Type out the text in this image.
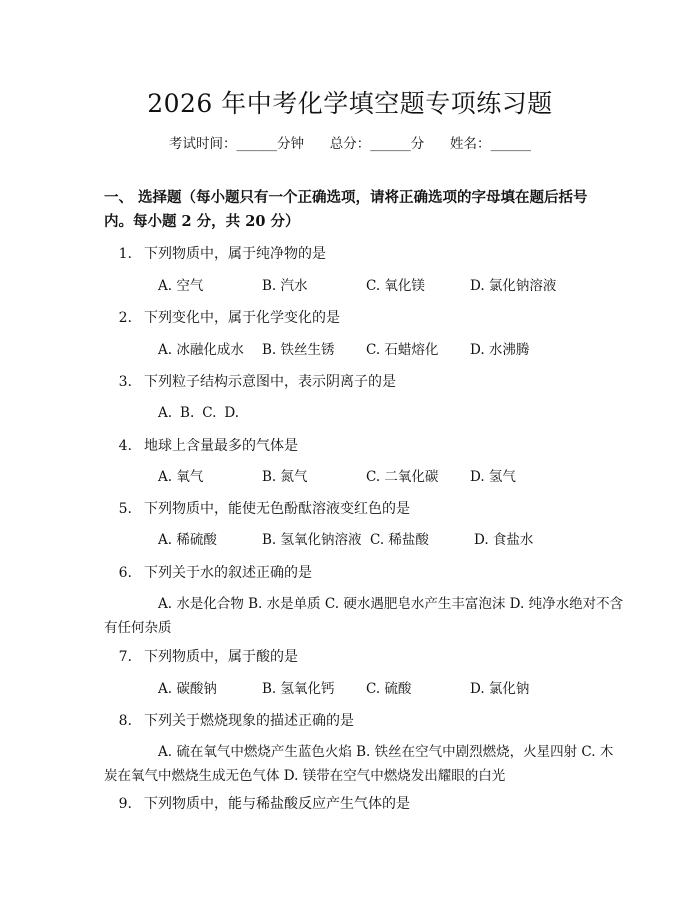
2026 年中考化学填空题专项练习题
考试时间：______分钟      总分：______分      姓名：______
一、 选择题（每小题只有一个正确选项，请将正确选项的字母填在题后括号内。每小题 2 分，共 20 分）
1. 下列物质中，属于纯净物的是
A. 空气	B. 汽水	C. 氧化镁	D. 氯化钠溶液
2. 下列变化中，属于化学变化的是
A. 冰融化成水 B. 铁丝生锈 C. 石蜡熔化 D. 水沸腾
3. 下列粒子结构示意图中，表示阴离子的是
A. B. C. D.
4. 地球上含量最多的气体是
A. 氧气	B. 氮气	C. 二氧化碳 D. 氢气
5. 下列物质中，能使无色酚酞溶液变红色的是
A. 稀硫酸	B. 氢氧化钠溶液 C. 稀盐酸	D. 食盐水
6. 下列关于水的叙述正确的是
A. 水是化合物 B. 水是单质 C. 硬水遇肥皂水产生丰富泡沫 D. 纯净水绝对不含有任何杂质
7. 下列物质中，属于酸的是
A. 碳酸钠	B. 氢氧化钙 C. 硫酸	D. 氯化钠
8. 下列关于燃烧现象的描述正确的是
A. 硫在氧气中燃烧产生蓝色火焰 B. 铁丝在空气中剧烈燃烧，火星四射 C. 木炭在氧气中燃烧生成无色气体 D. 镁带在空气中燃烧发出耀眼的白光
9. 下列物质中，能与稀盐酸反应产生气体的是
